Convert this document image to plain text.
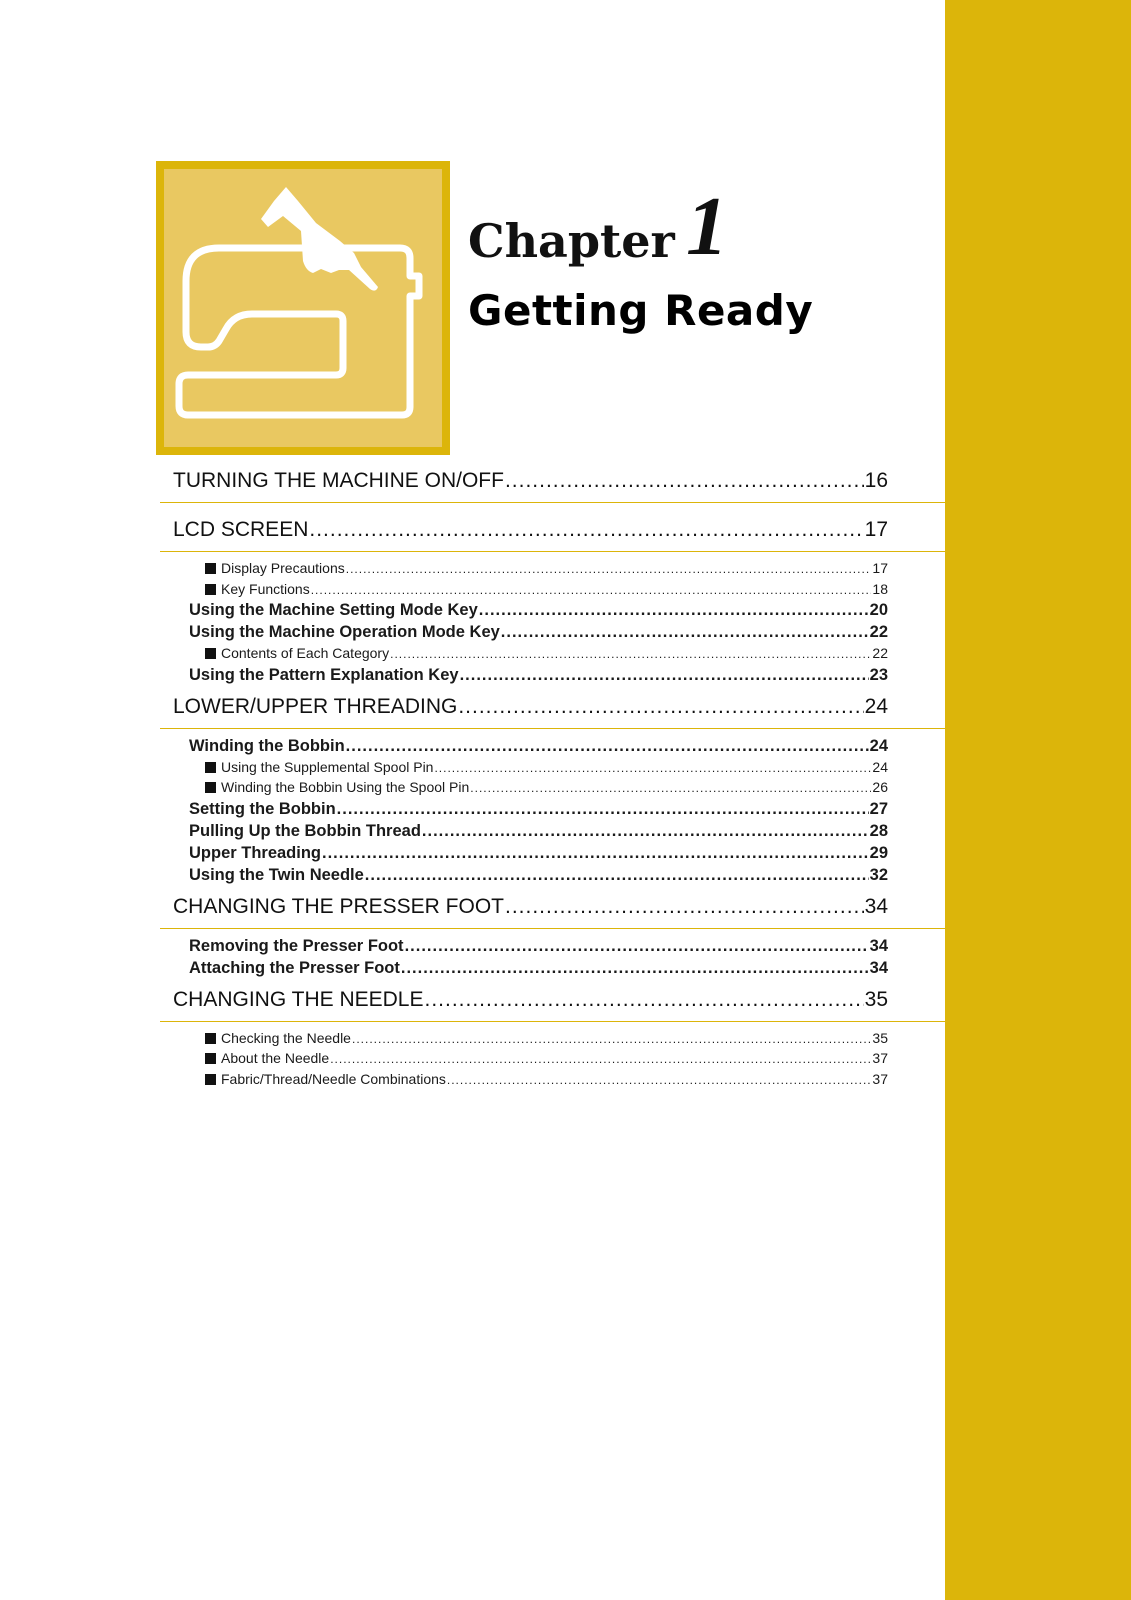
Chapter 1
Getting Ready
TURNING THE MACHINE ON/OFF .....	16
LCD SCREEN .....	17
Display Precautions .....	17
Key Functions .....	18
Using the Machine Setting Mode Key .....	20
Using the Machine Operation Mode Key .....	22
Contents of Each Category .....	22
Using the Pattern Explanation Key .....	23
LOWER/UPPER THREADING .....	24
Winding the Bobbin .....	24
Using the Supplemental Spool Pin .....	24
Winding the Bobbin Using the Spool Pin .....	26
Setting the Bobbin .....	27
Pulling Up the Bobbin Thread .....	28
Upper Threading .....	29
Using the Twin Needle .....	32
CHANGING THE PRESSER FOOT .....	34
Removing the Presser Foot .....	34
Attaching the Presser Foot .....	34
CHANGING THE NEEDLE .....	35
Checking the Needle .....	35
About the Needle .....	37
Fabric/Thread/Needle Combinations .....	37
